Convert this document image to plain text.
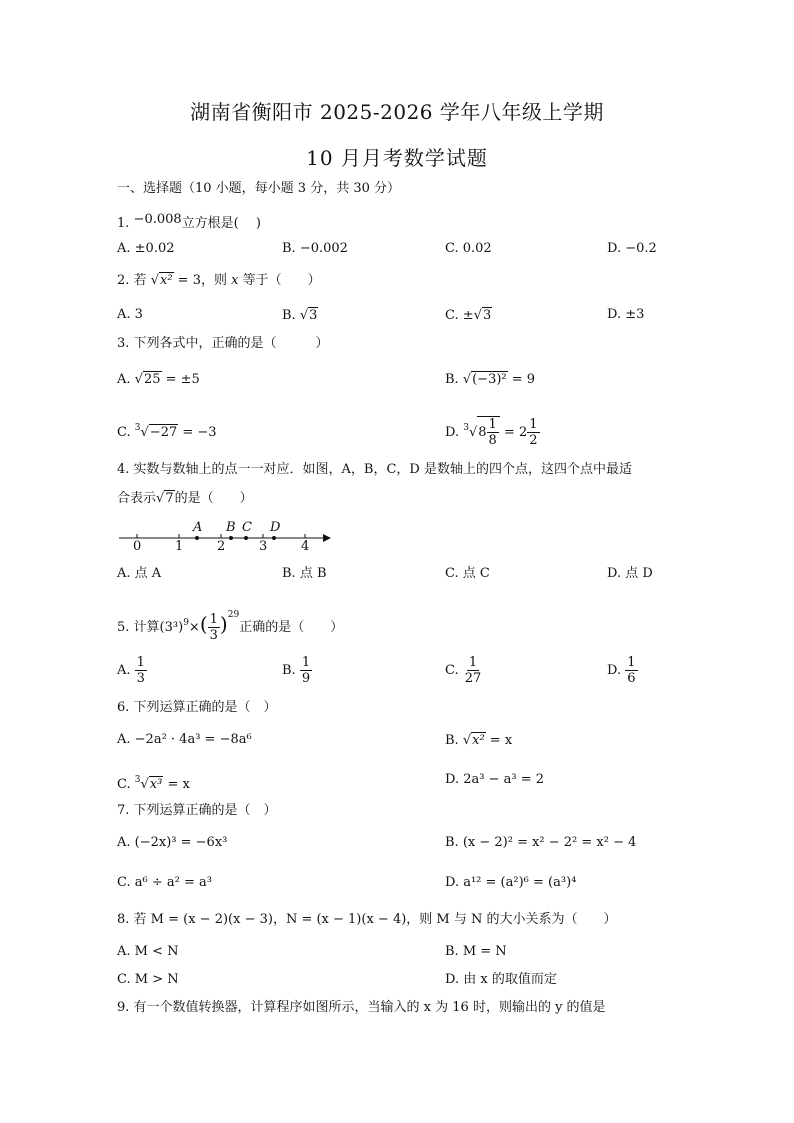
湖南省衡阳市 2025-2026 学年八年级上学期
10 月月考数学试题
一、选择题（10 小题，每小题 3 分，共 30 分）
1. −0.008立方根是(　 )
A. ±0.02	B. −0.002	C. 0.02	D. −0.2
2. 若 √x² = 3，则 x 等于（　　）
A. 3	B. √3	C. ±√3	D. ±3
3. 下列各式中，正确的是（　　　）
A. √25 = ±5	B. √(−3)² = 9
C. $^3$√−27 = −3	D. $^3√8 \frac{1}{8} = 2 \frac{1}{2}$
4. 实数与数轴上的点一一对应．如图，A，B，C，D 是数轴上的四个点，这四个点中最适
合表示√7的是（　　）
0	1	2	3	4
A B C D
A. 点 A	B. 点 B	C. 点 C	D. 点 D
5. 计算$(3^3)^9\times( \frac{1}{3} )^{29}$正确的是（　　）
A. $\frac{1}{3}$	B. $\frac{1}{9}$	C. $\frac{1}{27}$	D. $\frac{1}{6}$
6. 下列运算正确的是（　）
A. −2a² · 4a³ = −8a⁶	B. √x² = x
C. $^3$√x³ = x	D. 2a³ − a³ = 2
7. 下列运算正确的是（　）
A. (−2x)³ = −6x³	B. (x − 2)² = x² − 2² = x² − 4
C. a⁶ ÷ a² = a³	D. a¹² = (a²)⁶ = (a³)⁴
8. 若 M = (x − 2)(x − 3)，N = (x − 1)(x − 4)，则 M 与 N 的大小关系为（　　）
A. M < N	B. M = N
C. M > N	D. 由 x 的取值而定
9. 有一个数值转换器，计算程序如图所示，当输入的 x 为 16 时，则输出的 y 的值是
